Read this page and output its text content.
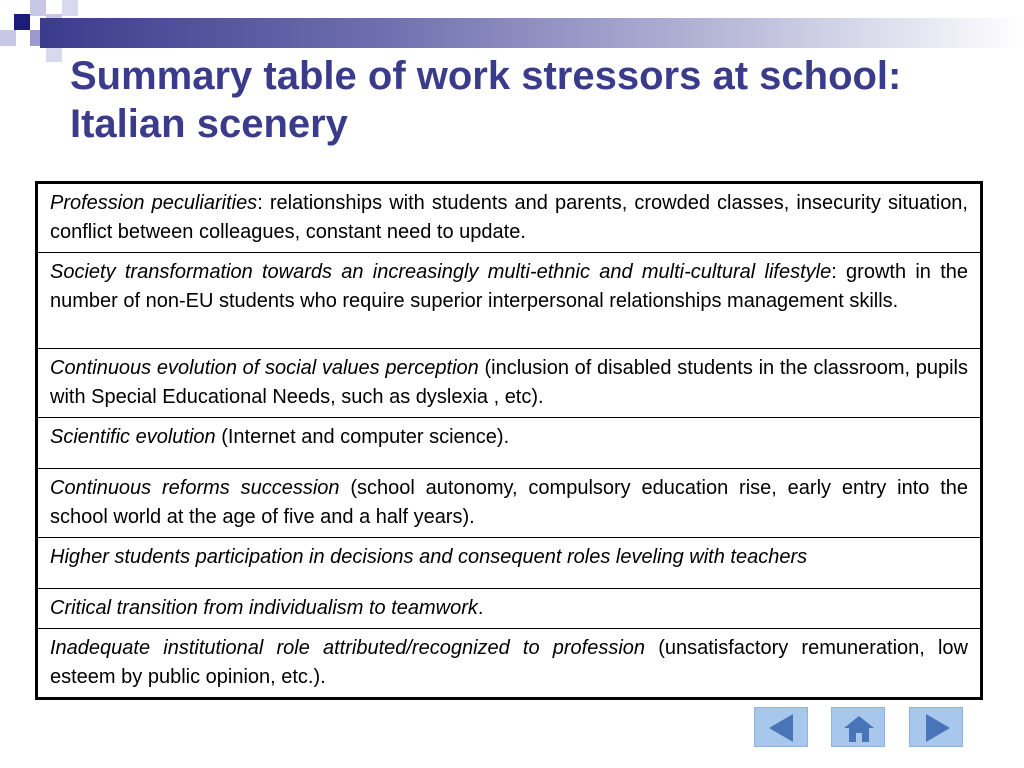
Summary table of work stressors at school: Italian scenery
Profession peculiarities: relationships with students and parents, crowded classes, insecurity situation, conflict between colleagues, constant need to update.
Society transformation towards an increasingly multi-ethnic and multi-cultural lifestyle: growth in the number of non-EU students who require superior interpersonal relationships management skills.
Continuous evolution of social values perception (inclusion of disabled students in the classroom, pupils with Special Educational Needs, such as dyslexia , etc).
Scientific evolution (Internet and computer science).
Continuous reforms succession (school autonomy, compulsory education rise, early entry into the school world at the age of five and a half years).
Higher students participation in decisions and consequent roles leveling with teachers
Critical transition from individualism to teamwork.
Inadequate institutional role attributed/recognized to profession (unsatisfactory remuneration, low esteem by public opinion, etc.).
